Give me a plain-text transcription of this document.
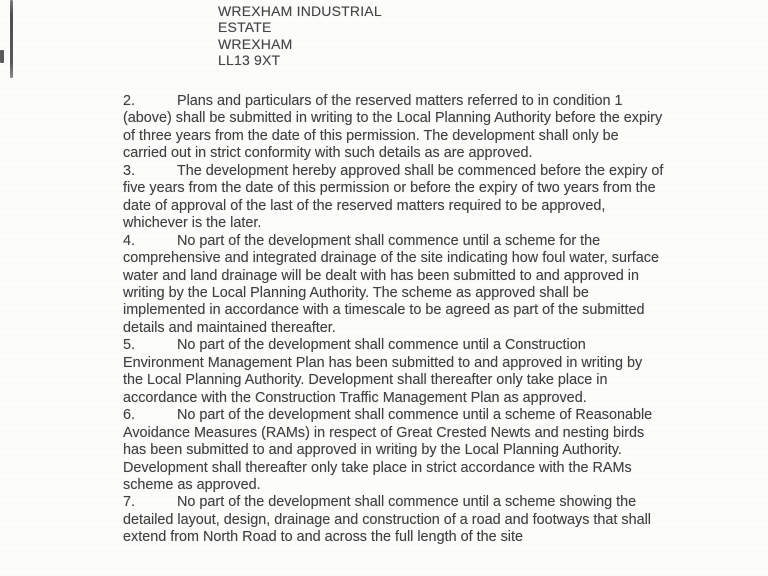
WREXHAM INDUSTRIAL
ESTATE
WREXHAM
LL13 9XT

2.	Plans and particulars of the reserved matters referred to in condition 1 (above) shall be submitted in writing to the Local Planning Authority before the expiry of three years from the date of this permission. The development shall only be carried out in strict conformity with such details as are approved.

3.	The development hereby approved shall be commenced before the expiry of five years from the date of this permission or before the expiry of two years from the date of approval of the last of the reserved matters required to be approved, whichever is the later.

4.	No part of the development shall commence until a scheme for the comprehensive and integrated drainage of the site indicating how foul water, surface water and land drainage will be dealt with has been submitted to and approved in writing by the Local Planning Authority. The scheme as approved shall be implemented in accordance with a timescale to be agreed as part of the submitted details and maintained thereafter.

5.	No part of the development shall commence until a Construction Environment Management Plan has been submitted to and approved in writing by the Local Planning Authority. Development shall thereafter only take place in accordance with the Construction Traffic Management Plan as approved.

6.	No part of the development shall commence until a scheme of Reasonable Avoidance Measures (RAMs) in respect of Great Crested Newts and nesting birds has been submitted to and approved in writing by the Local Planning Authority. Development shall thereafter only take place in strict accordance with the RAMs scheme as approved.

7.	No part of the development shall commence until a scheme showing the detailed layout, design, drainage and construction of a road and footways that shall extend from North Road to and across the full length of the site
